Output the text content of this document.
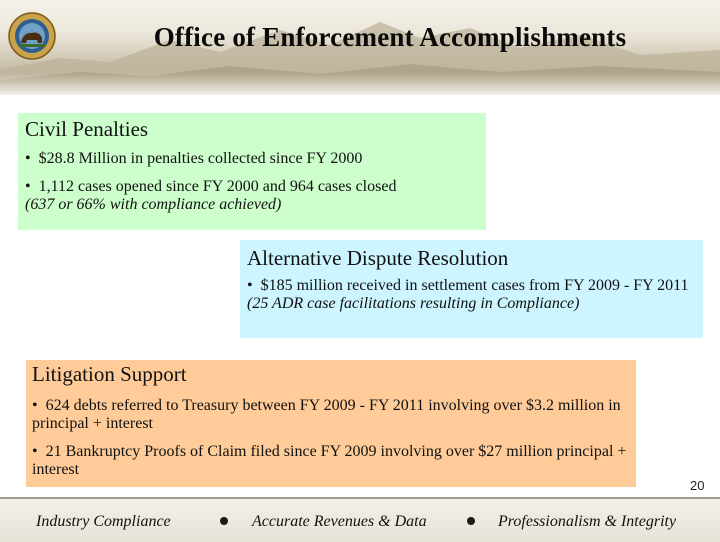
Office of Enforcement Accomplishments
Civil Penalties

• $28.8 Million in penalties collected since FY 2000

• 1,112 cases opened since FY 2000 and 964 cases closed
(637 or 66% with compliance achieved)

Alternative Dispute Resolution

• $185 million received in settlement cases from FY 2009 - FY 2011 (25 ADR case facilitations resulting in Compliance)

Litigation Support

• 624 debts referred to Treasury between FY 2009 - FY 2011 involving over $3.2 million in principal + interest

• 21 Bankruptcy Proofs of Claim filed since FY 2009 involving over $27 million principal + interest

20
Industry Compliance	Accurate Revenues & Data	Professionalism & Integrity
